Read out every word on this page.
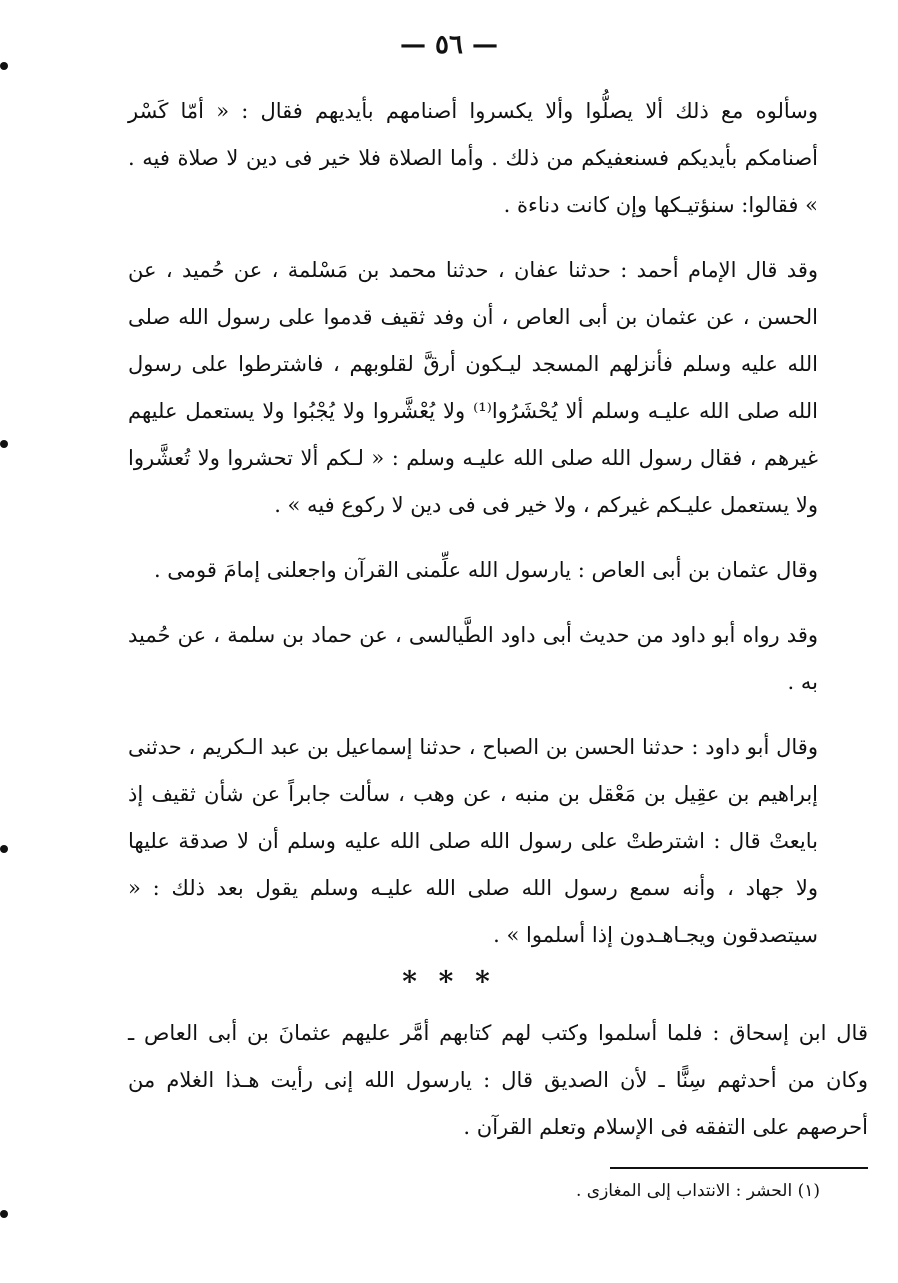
— ٥٦ —

وسألوه مع ذلك ألا يصلُّوا وألا يكسروا أصنامهم بأيديهم فقال : « أمّا كَسْر أصنامكم بأيديكم فسنعفيكم من ذلك . وأما الصلاة فلا خير فى دين لا صلاة فيه . » فقالوا: سنؤتيـكها وإن كانت دناءة .

وقد قال الإمام أحمد : حدثنا عفان ، حدثنا محمد بن مَسْلمة ، عن حُميد ، عن الحسن ، عن عثمان بن أبى العاص ، أن وفد ثقيف قدموا على رسول الله صلى الله عليه وسلم فأنزلهم المسجد ليـكون أرقَّ لقلوبهم ، فاشترطوا على رسول الله صلى الله عليـه وسلم ألا يُحْشَرُوا⁽¹⁾ ولا يُعْشَّروا ولا يُجْبُوا ولا يستعمل عليهم غيرهم ، فقال رسول الله صلى الله عليـه وسلم : « لـكم ألا تحشروا ولا تُعشَّروا ولا يستعمل عليـكم غيركم ، ولا خير فى فى دين لا ركوع فيه » .

وقال عثمان بن أبى العاص : يارسول الله علِّمنى القرآن واجعلنى إمامَ قومى .

وقد رواه أبو داود من حديث أبى داود الطَّيالسى ، عن حماد بن سلمة ، عن حُميد به .

وقال أبو داود : حدثنا الحسن بن الصباح ، حدثنا إسماعيل بن عبد الـكريم ، حدثنى إبراهيم بن عقِيل بن مَعْقل بن منبه ، عن وهب ، سألت جابراً عن شأن ثقيف إذ بايعتْ قال : اشترطتْ على رسول الله صلى الله عليه وسلم أن لا صدقة عليها ولا جهاد ، وأنه سمع رسول الله صلى الله عليـه وسلم يقول بعد ذلك : « سيتصدقون ويجـاهـدون إذا أسلموا » .

* * *

قال ابن إسحاق : فلما أسلموا وكتب لهم كتابهم أمَّر عليهم عثمانَ بن أبى العاص ـ وكان من أحدثهم سِنًّا ـ لأن الصديق قال : يارسول الله إنى رأيت هـذا الغلام من أحرصهم على التفقه فى الإسلام وتعلم القرآن .

(١) الحشر : الانتداب إلى المغازى .
